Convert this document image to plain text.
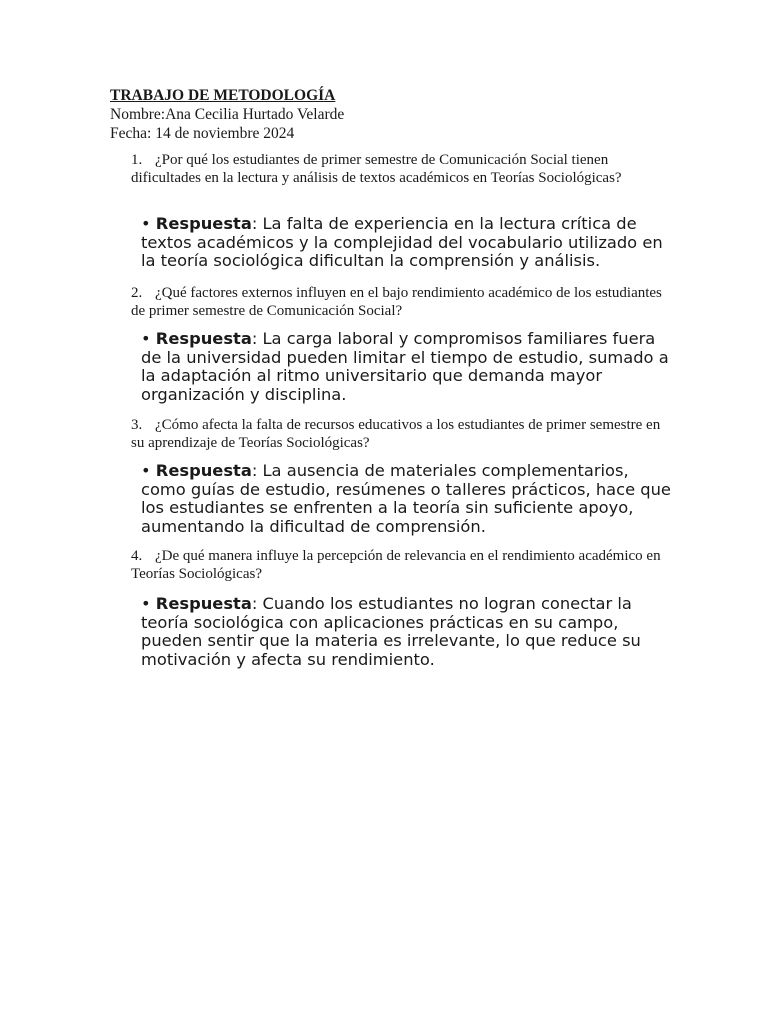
TRABAJO DE METODOLOGÍA
Nombre:Ana Cecilia Hurtado Velarde
Fecha: 14 de noviembre 2024

1. ¿Por qué los estudiantes de primer semestre de Comunicación Social tienen dificultades en la lectura y análisis de textos académicos en Teorías Sociológicas?

• Respuesta: La falta de experiencia en la lectura crítica de textos académicos y la complejidad del vocabulario utilizado en la teoría sociológica dificultan la comprensión y análisis.

2. ¿Qué factores externos influyen en el bajo rendimiento académico de los estudiantes de primer semestre de Comunicación Social?

• Respuesta: La carga laboral y compromisos familiares fuera de la universidad pueden limitar el tiempo de estudio, sumado a la adaptación al ritmo universitario que demanda mayor organización y disciplina.

3. ¿Cómo afecta la falta de recursos educativos a los estudiantes de primer semestre en su aprendizaje de Teorías Sociológicas?

• Respuesta: La ausencia de materiales complementarios, como guías de estudio, resúmenes o talleres prácticos, hace que los estudiantes se enfrenten a la teoría sin suficiente apoyo, aumentando la dificultad de comprensión.

4. ¿De qué manera influye la percepción de relevancia en el rendimiento académico en Teorías Sociológicas?

• Respuesta: Cuando los estudiantes no logran conectar la teoría sociológica con aplicaciones prácticas en su campo, pueden sentir que la materia es irrelevante, lo que reduce su motivación y afecta su rendimiento.
